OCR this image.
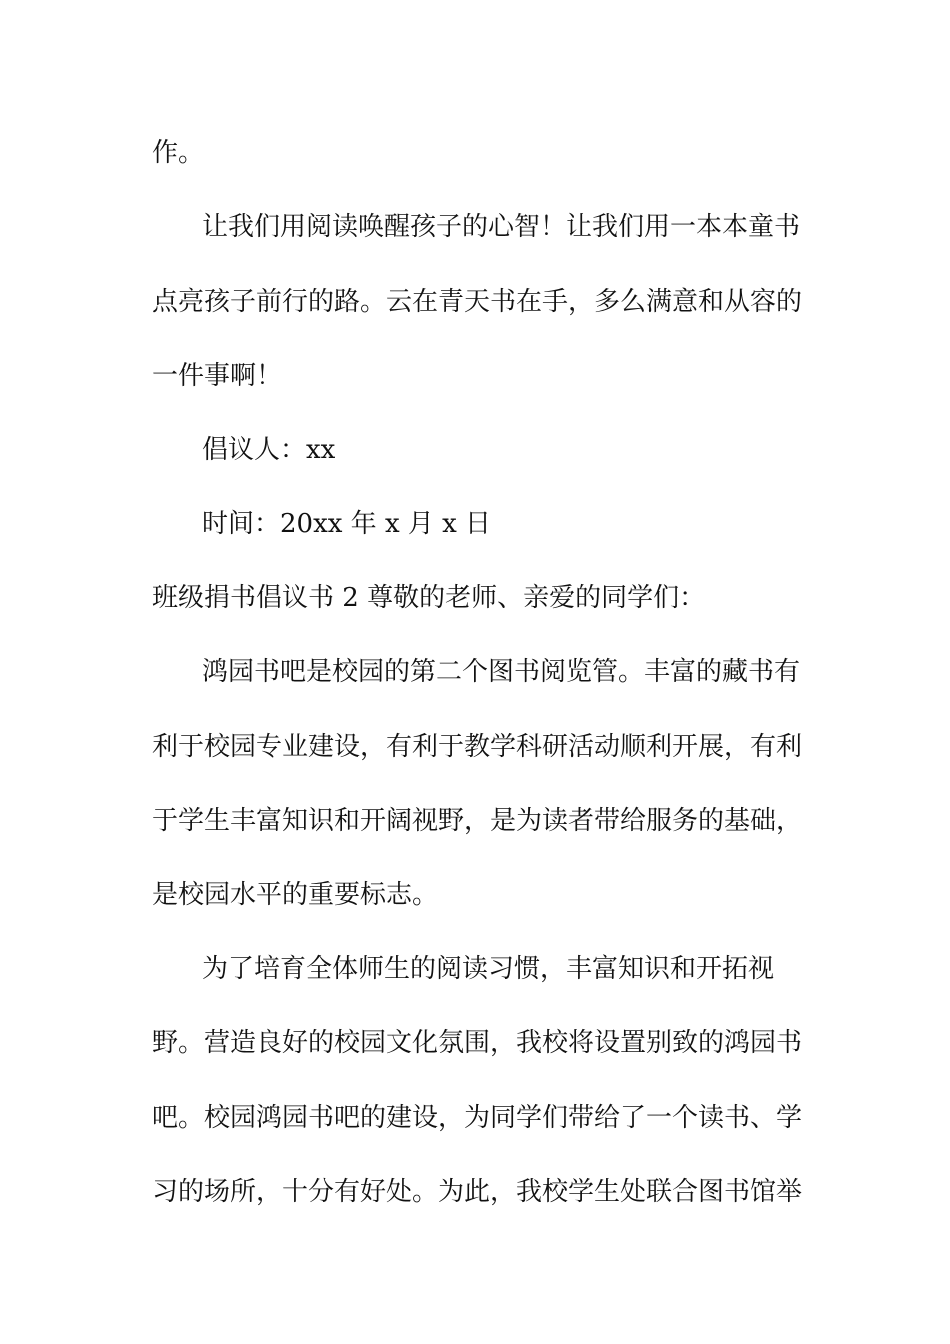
作。
让我们用阅读唤醒孩子的心智！让我们用一本本童书
点亮孩子前行的路。云在青天书在手，多么满意和从容的
一件事啊！
倡议人：xx
时间：20xx 年 x 月 x 日
班级捐书倡议书 2 尊敬的老师、亲爱的同学们：
鸿园书吧是校园的第二个图书阅览管。丰富的藏书有
利于校园专业建设，有利于教学科研活动顺利开展，有利
于学生丰富知识和开阔视野，是为读者带给服务的基础，
是校园水平的重要标志。
为了培育全体师生的阅读习惯，丰富知识和开拓视
野。营造良好的校园文化氛围，我校将设置别致的鸿园书
吧。校园鸿园书吧的建设，为同学们带给了一个读书、学
习的场所，十分有好处。为此，我校学生处联合图书馆举
